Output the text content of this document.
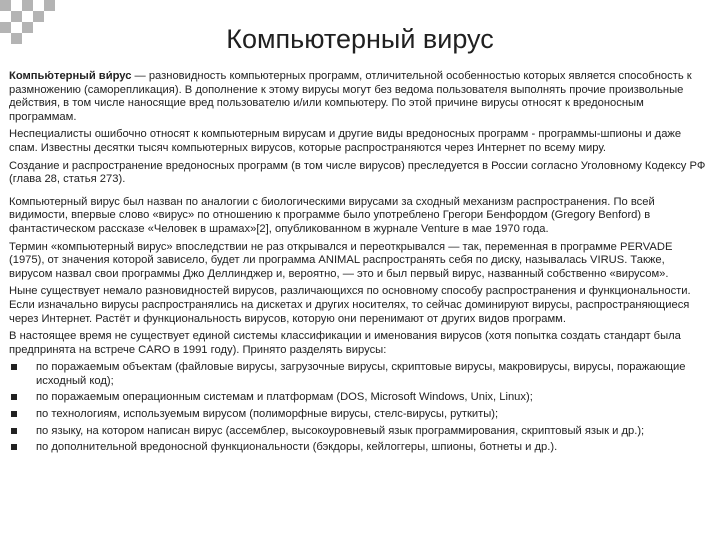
Компьютерный вирус

Компью́терный ви́рус — разновидность компьютерных программ, отличительной особенностью которых является способность к размножению (саморепликация). В дополнение к этому вирусы могут без ведома пользователя выполнять прочие произвольные действия, в том числе наносящие вред пользователю и/или компьютеру. По этой причине вирусы относят к вредоносным программам.

Неспециалисты ошибочно относят к компьютерным вирусам и другие виды вредоносных программ - программы-шпионы и даже спам. Известны десятки тысяч компьютерных вирусов, которые распространяются через Интернет по всему миру.

Создание и распространение вредоносных программ (в том числе вирусов) преследуется в России согласно Уголовному Кодексу РФ (глава 28, статья 273).

Компьютерный вирус был назван по аналогии с биологическими вирусами за сходный механизм распространения. По всей видимости, впервые слово «вирус» по отношению к программе было употреблено Грегори Бенфордом (Gregory Benford) в фантастическом рассказе «Человек в шрамах»[2], опубликованном в журнале Venture в мае 1970 года.

Термин «компьютерный вирус» впоследствии не раз открывался и переоткрывался — так, переменная в программе PERVADE (1975), от значения которой зависело, будет ли программа ANIMAL распространять себя по диску, называлась VIRUS. Также, вирусом назвал свои программы Джо Деллинджер и, вероятно, — это и был первый вирус, названный собственно «вирусом».

Ныне существует немало разновидностей вирусов, различающихся по основному способу распространения и функциональности. Если изначально вирусы распространялись на дискетах и других носителях, то сейчас доминируют вирусы, распространяющиеся через Интернет. Растёт и функциональность вирусов, которую они перенимают от других видов программ.

В настоящее время не существует единой системы классификации и именования вирусов (хотя попытка создать стандарт была предпринята на встрече CARO в 1991 году). Принято разделять вирусы:

по поражаемым объектам (файловые вирусы, загрузочные вирусы, скриптовые вирусы, макровирусы, вирусы, поражающие исходный код);
по поражаемым операционным системам и платформам (DOS, Microsoft Windows, Unix, Linux);
по технологиям, используемым вирусом (полиморфные вирусы, стелс-вирусы, руткиты);
по языку, на котором написан вирус (ассемблер, высокоуровневый язык программирования, скриптовый язык и др.);
по дополнительной вредоносной функциональности (бэкдоры, кейлоггеры, шпионы, ботнеты и др.).
